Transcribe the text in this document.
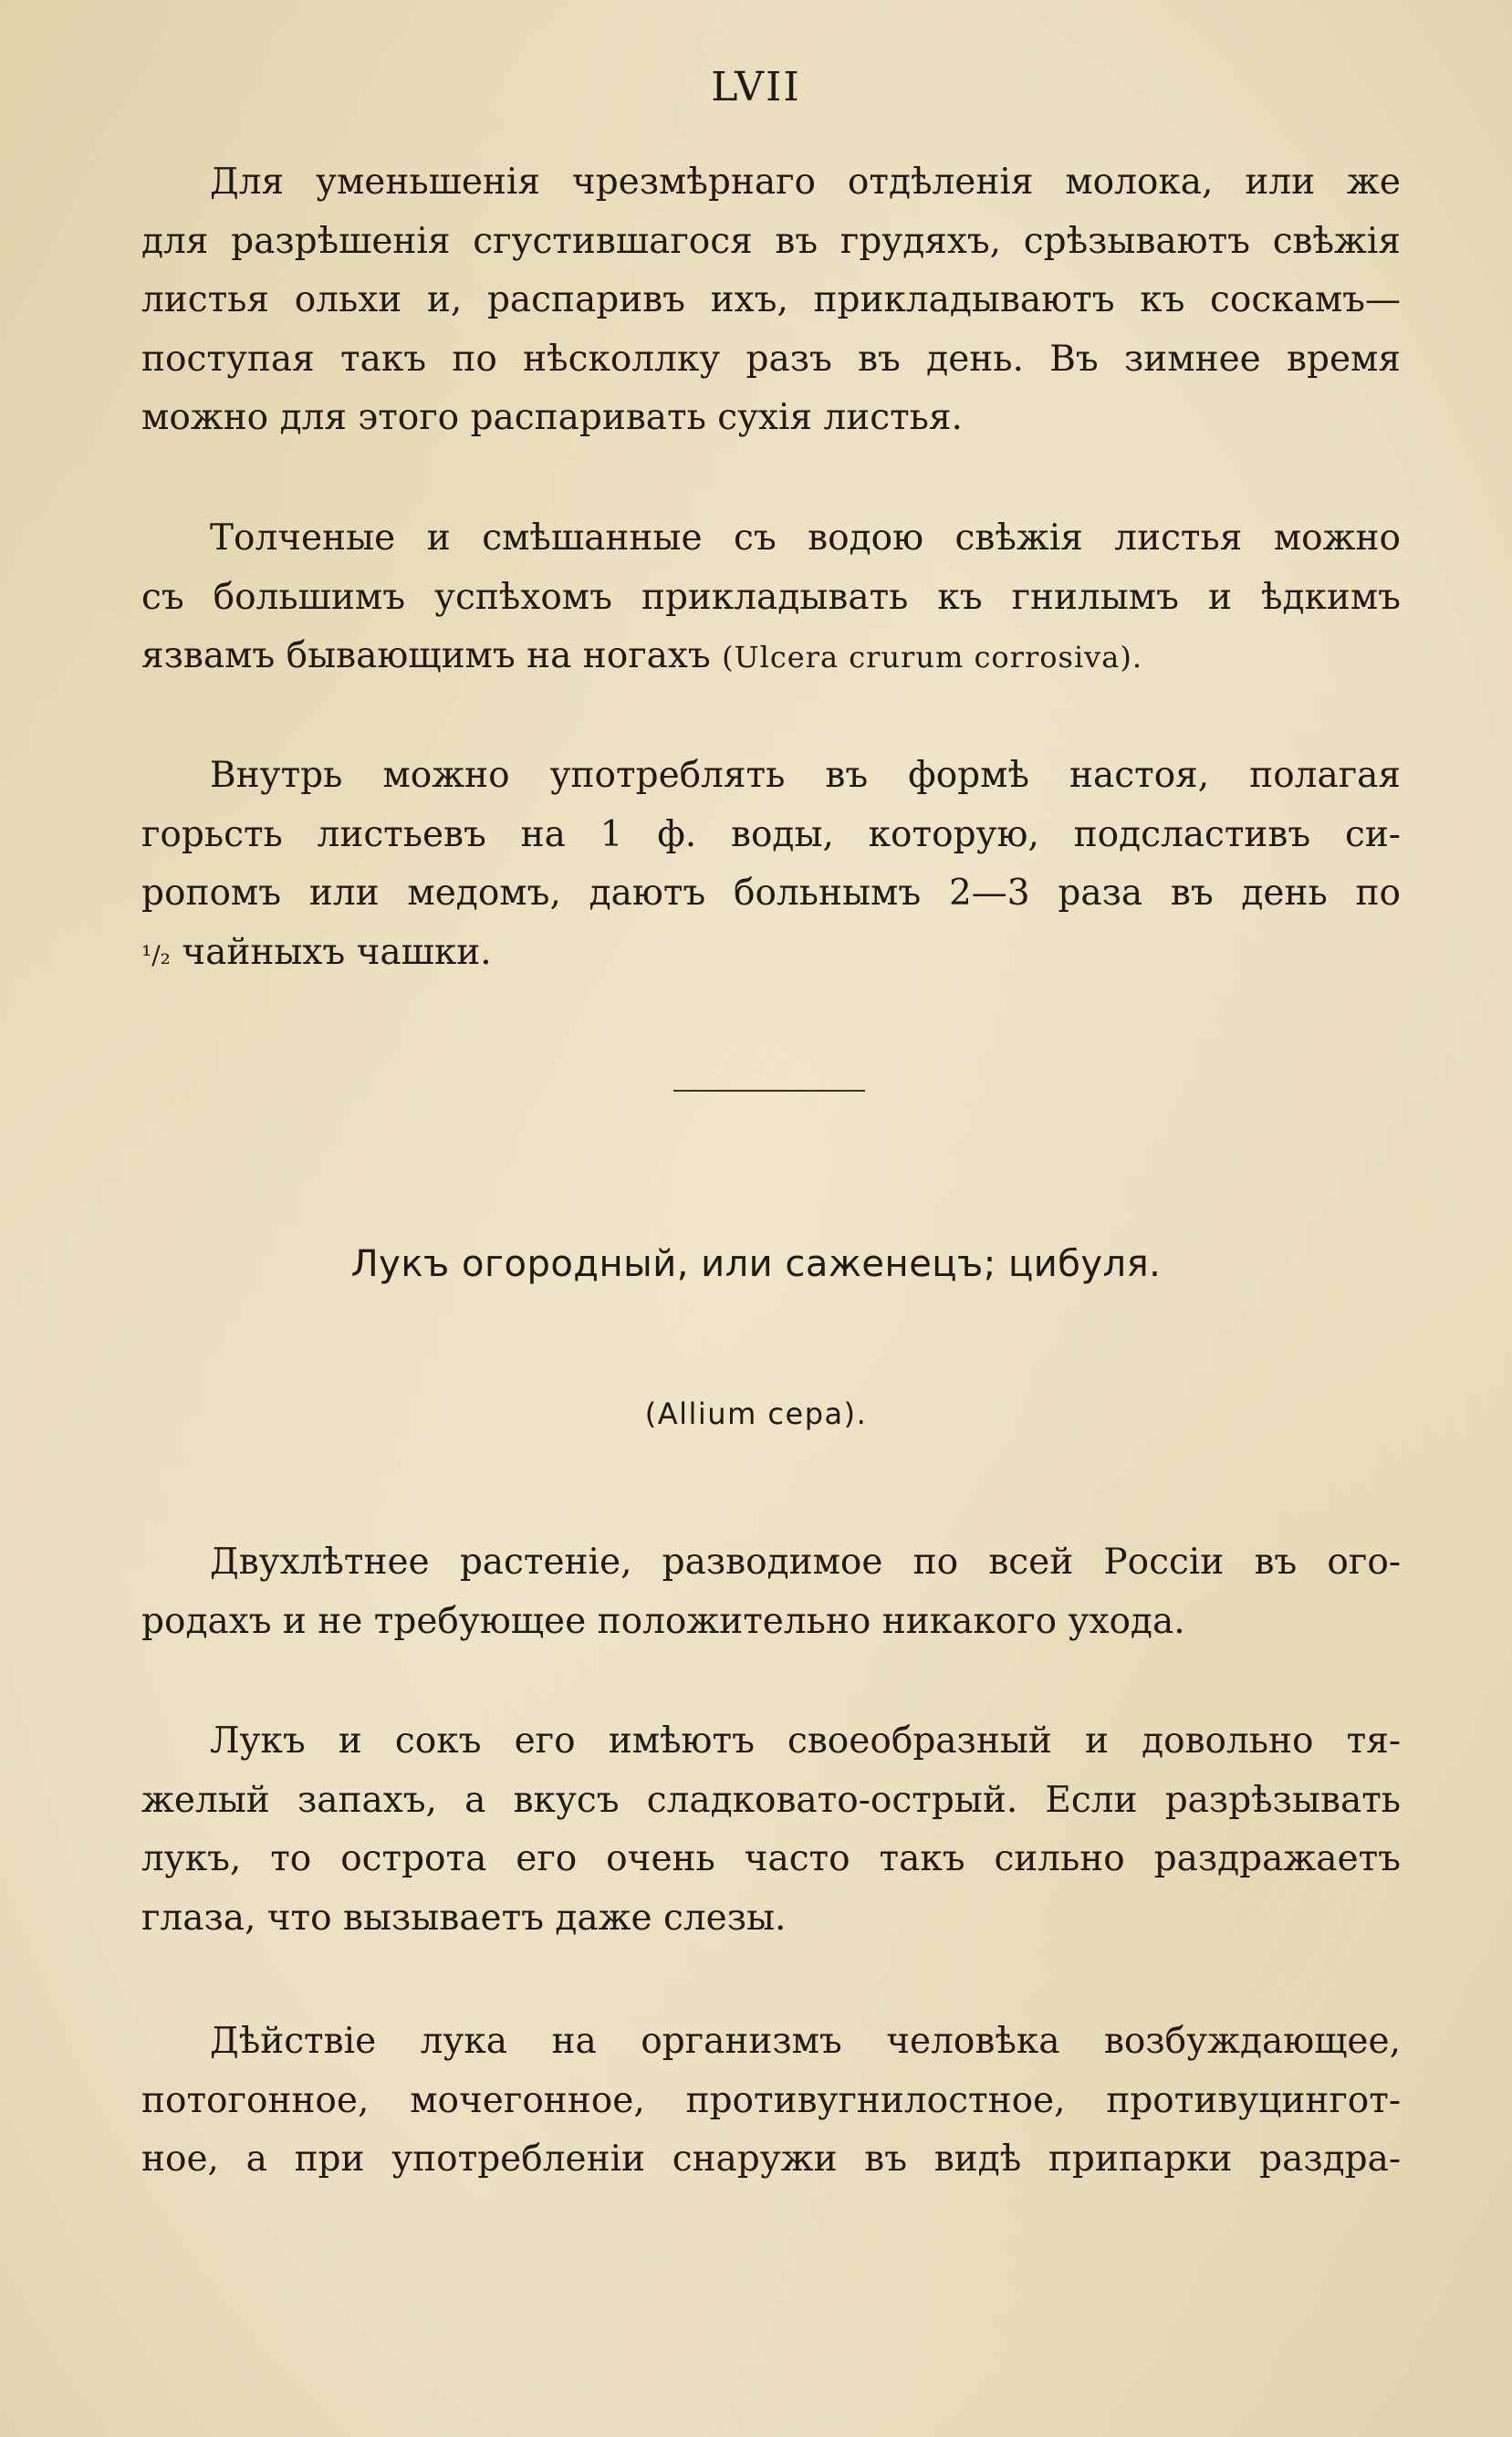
LVII
Для уменьшенія чрезмѣрнаго отдѣленія молока, или же
для разрѣшенія сгустившагося въ грудяхъ, срѣзываютъ свѣжія
листья ольхи и, распаривъ ихъ, прикладываютъ къ соскамъ—
поступая такъ по нѣсколлку разъ въ день. Въ зимнее время
можно для этого распаривать сухія листья.
Толченые и смѣшанные съ водою свѣжія листья можно
съ большимъ успѣхомъ прикладывать къ гнилымъ и ѣдкимъ
язвамъ бывающимъ на ногахъ (Ulcera crurum corrosiva).
Внутрь можно употреблять въ формѣ настоя, полагая
горьсть листьевъ на 1 ф. воды, которую, подсластивъ си-
ропомъ или медомъ, даютъ больнымъ 2—3 раза въ день по
¹/₂ чайныхъ чашки.
Лукъ огородный, или саженецъ; цибуля.
(Allium cepa).
Двухлѣтнее растеніе, разводимое по всей Россіи въ ого-
родахъ и не требующее положительно никакого ухода.
Лукъ и сокъ его имѣютъ своеобразный и довольно тя-
желый запахъ, а вкусъ сладковато-острый. Если разрѣзывать
лукъ, то острота его очень часто такъ сильно раздражаетъ
глаза, что вызываетъ даже слезы.
Дѣйствіе лука на организмъ человѣка возбуждающее,
потогонное, мочегонное, противугнилостное, противуцингот-
ное, а при употребленіи снаружи въ видѣ припарки раздра-
